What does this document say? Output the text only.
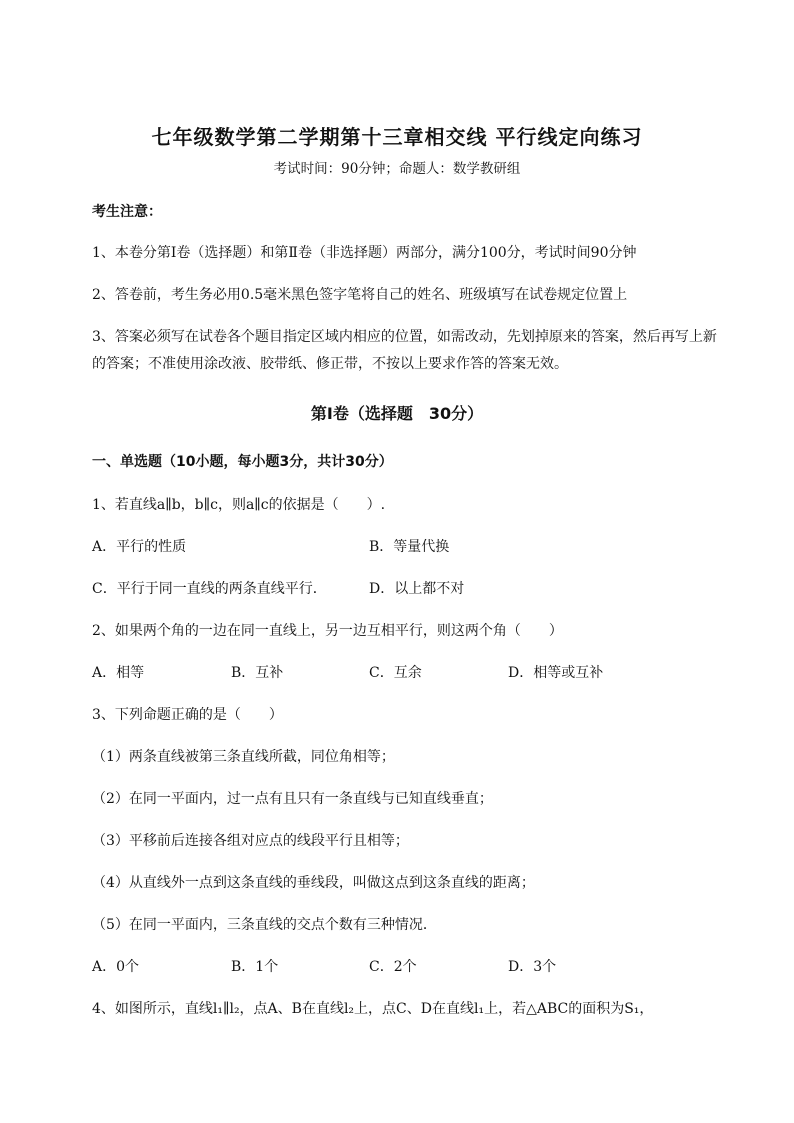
七年级数学第二学期第十三章相交线 平行线定向练习
考试时间：90分钟；命题人：数学教研组
考生注意：
1、本卷分第I卷（选择题）和第Ⅱ卷（非选择题）两部分，满分100分，考试时间90分钟
2、答卷前，考生务必用0.5毫米黑色签字笔将自己的姓名、班级填写在试卷规定位置上
3、答案必须写在试卷各个题目指定区域内相应的位置，如需改动，先划掉原来的答案，然后再写上新
的答案；不准使用涂改液、胶带纸、修正带，不按以上要求作答的答案无效。
第I卷（选择题　30分）
一、单选题（10小题，每小题3分，共计30分）
1、若直线a∥b，b∥c，则a∥c的依据是（　　）.
A．平行的性质	B．等量代换
C．平行于同一直线的两条直线平行．	D．以上都不对
2、如果两个角的一边在同一直线上，另一边互相平行，则这两个角（　　）
A．相等	B．互补	C．互余	D．相等或互补
3、下列命题正确的是（　　）
（1）两条直线被第三条直线所截，同位角相等；
（2）在同一平面内，过一点有且只有一条直线与已知直线垂直；
（3）平移前后连接各组对应点的线段平行且相等；
（4）从直线外一点到这条直线的垂线段，叫做这点到这条直线的距离；
（5）在同一平面内，三条直线的交点个数有三种情况．
A．0个	B．1个	C．2个	D．3个
4、如图所示，直线l₁∥l₂，点A、B在直线l₂上，点C、D在直线l₁上，若△ABC的面积为S₁，
